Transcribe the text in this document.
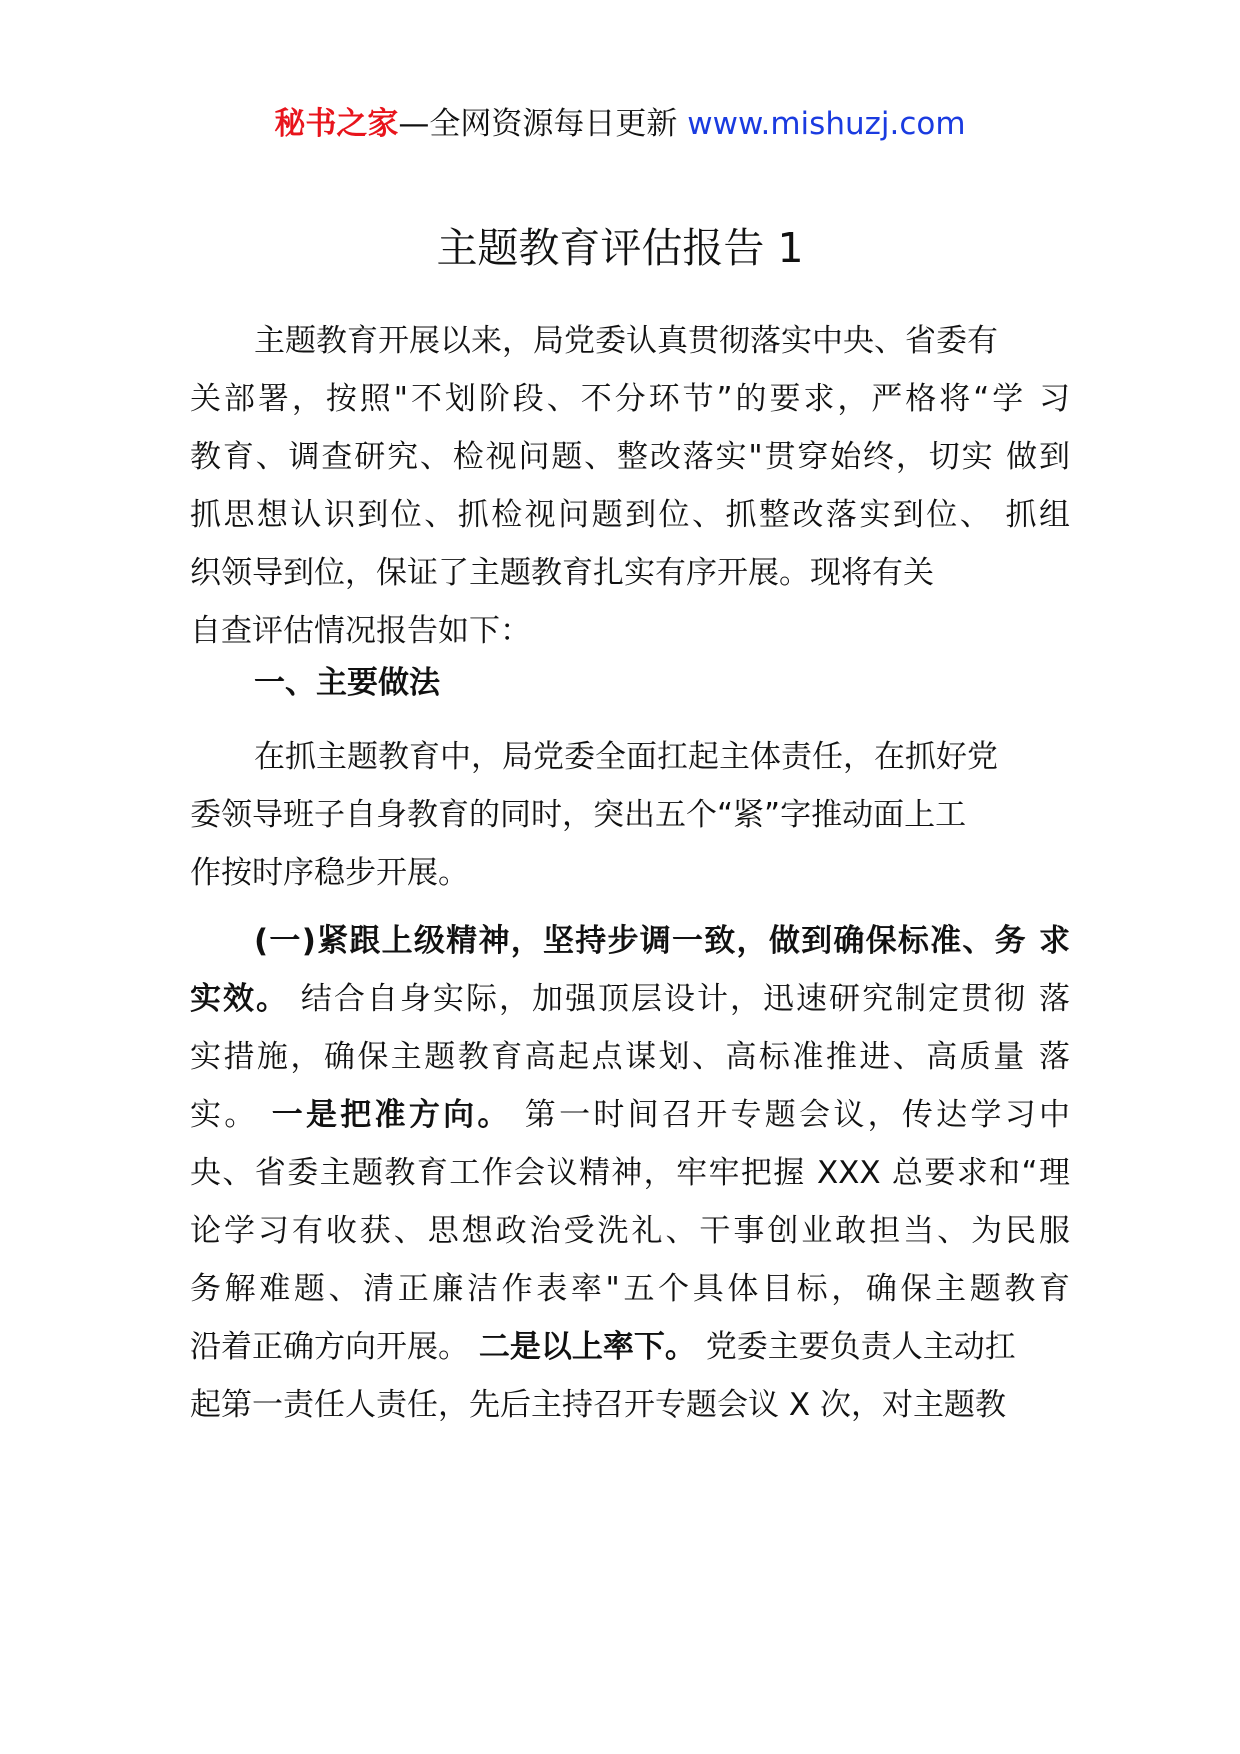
秘书之家—全网资源每日更新 www.mishuzj.com
主题教育评估报告 1
主题教育开展以来，局党委认真贯彻落实中央、省委有
关部署，按照"不划阶段、不分环节”的要求，严格将“学 习
教育、调查研究、检视问题、整改落实"贯穿始终，切实 做到
抓思想认识到位、抓检视问题到位、抓整改落实到位、 抓组
织领导到位，保证了主题教育扎实有序开展。现将有关
自查评估情况报告如下：
一、主要做法
在抓主题教育中，局党委全面扛起主体责任，在抓好党
委领导班子自身教育的同时，突出五个“紧”字推动面上工
作按时序稳步开展。
(一)紧跟上级精神，坚持步调一致，做到确保标准、务 求
实效。 结合自身实际，加强顶层设计，迅速研究制定贯彻 落
实措施，确保主题教育高起点谋划、高标准推进、高质量 落
实。 一是把准方向。 第一时间召开专题会议，传达学习中
央、省委主题教育工作会议精神，牢牢把握 XXX 总要求和“理
论学习有收获、思想政治受洗礼、干事创业敢担当、为民服
务解难题、清正廉洁作表率"五个具体目标，确保主题教育
沿着正确方向开展。 二是以上率下。 党委主要负责人主动扛
起第一责任人责任，先后主持召开专题会议 X 次，对主题教
